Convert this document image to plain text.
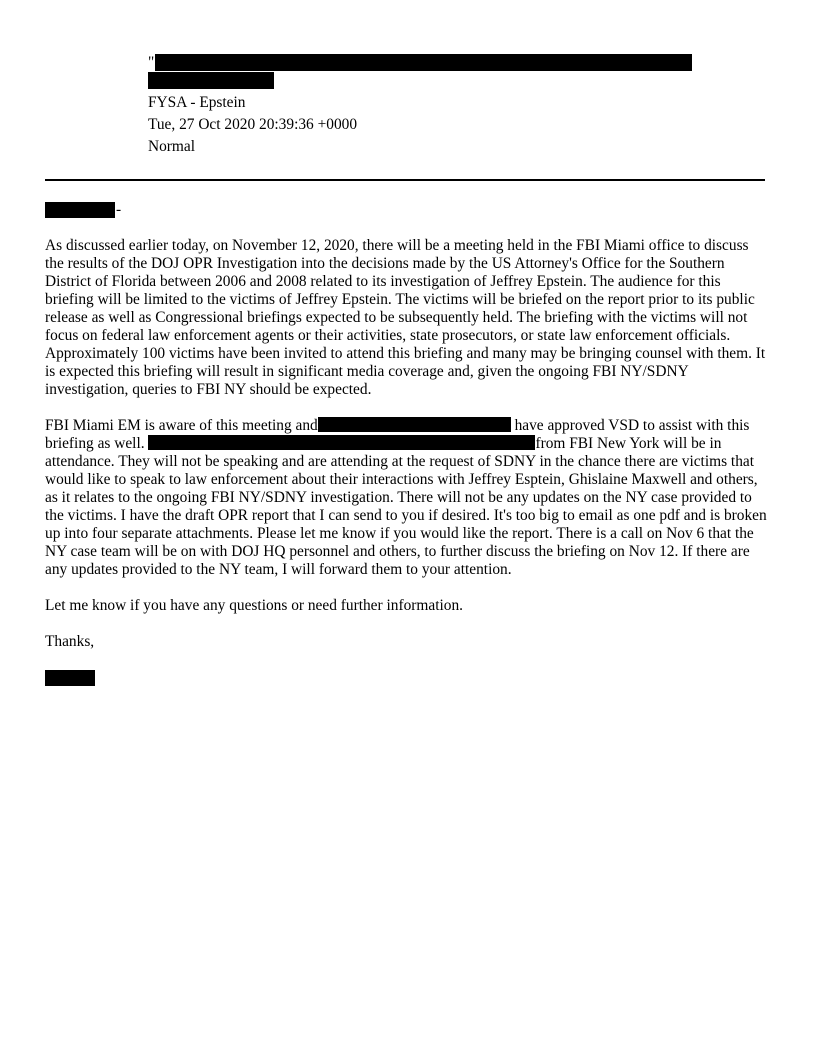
"
FYSA - Epstein
Tue, 27 Oct 2020 20:39:36 +0000
Normal
-

As discussed earlier today, on November 12, 2020, there will be a meeting held in the FBI Miami office to discuss the results of the DOJ OPR Investigation into the decisions made by the US Attorney's Office for the Southern District of Florida between 2006 and 2008 related to its investigation of Jeffrey Epstein. The audience for this briefing will be limited to the victims of Jeffrey Epstein. The victims will be briefed on the report prior to its public release as well as Congressional briefings expected to be subsequently held. The briefing with the victims will not focus on federal law enforcement agents or their activities, state prosecutors, or state law enforcement officials. Approximately 100 victims have been invited to attend this briefing and many may be bringing counsel with them. It is expected this briefing will result in significant media coverage and, given the ongoing FBI NY/SDNY investigation, queries to FBI NY should be expected.

FBI Miami EM is aware of this meeting and	have approved VSD to assist with this
briefing as well.	from FBI New York will be in
attendance. They will not be speaking and are attending at the request of SDNY in the chance there are victims that would like to speak to law enforcement about their interactions with Jeffrey Esptein, Ghislaine Maxwell and others, as it relates to the ongoing FBI NY/SDNY investigation. There will not be any updates on the NY case provided to the victims. I have the draft OPR report that I can send to you if desired. It's too big to email as one pdf and is broken up into four separate attachments. Please let me know if you would like the report. There is a call on Nov 6 that the NY case team will be on with DOJ HQ personnel and others, to further discuss the briefing on Nov 12. If there are any updates provided to the NY team, I will forward them to your attention.

Let me know if you have any questions or need further information.

Thanks,
